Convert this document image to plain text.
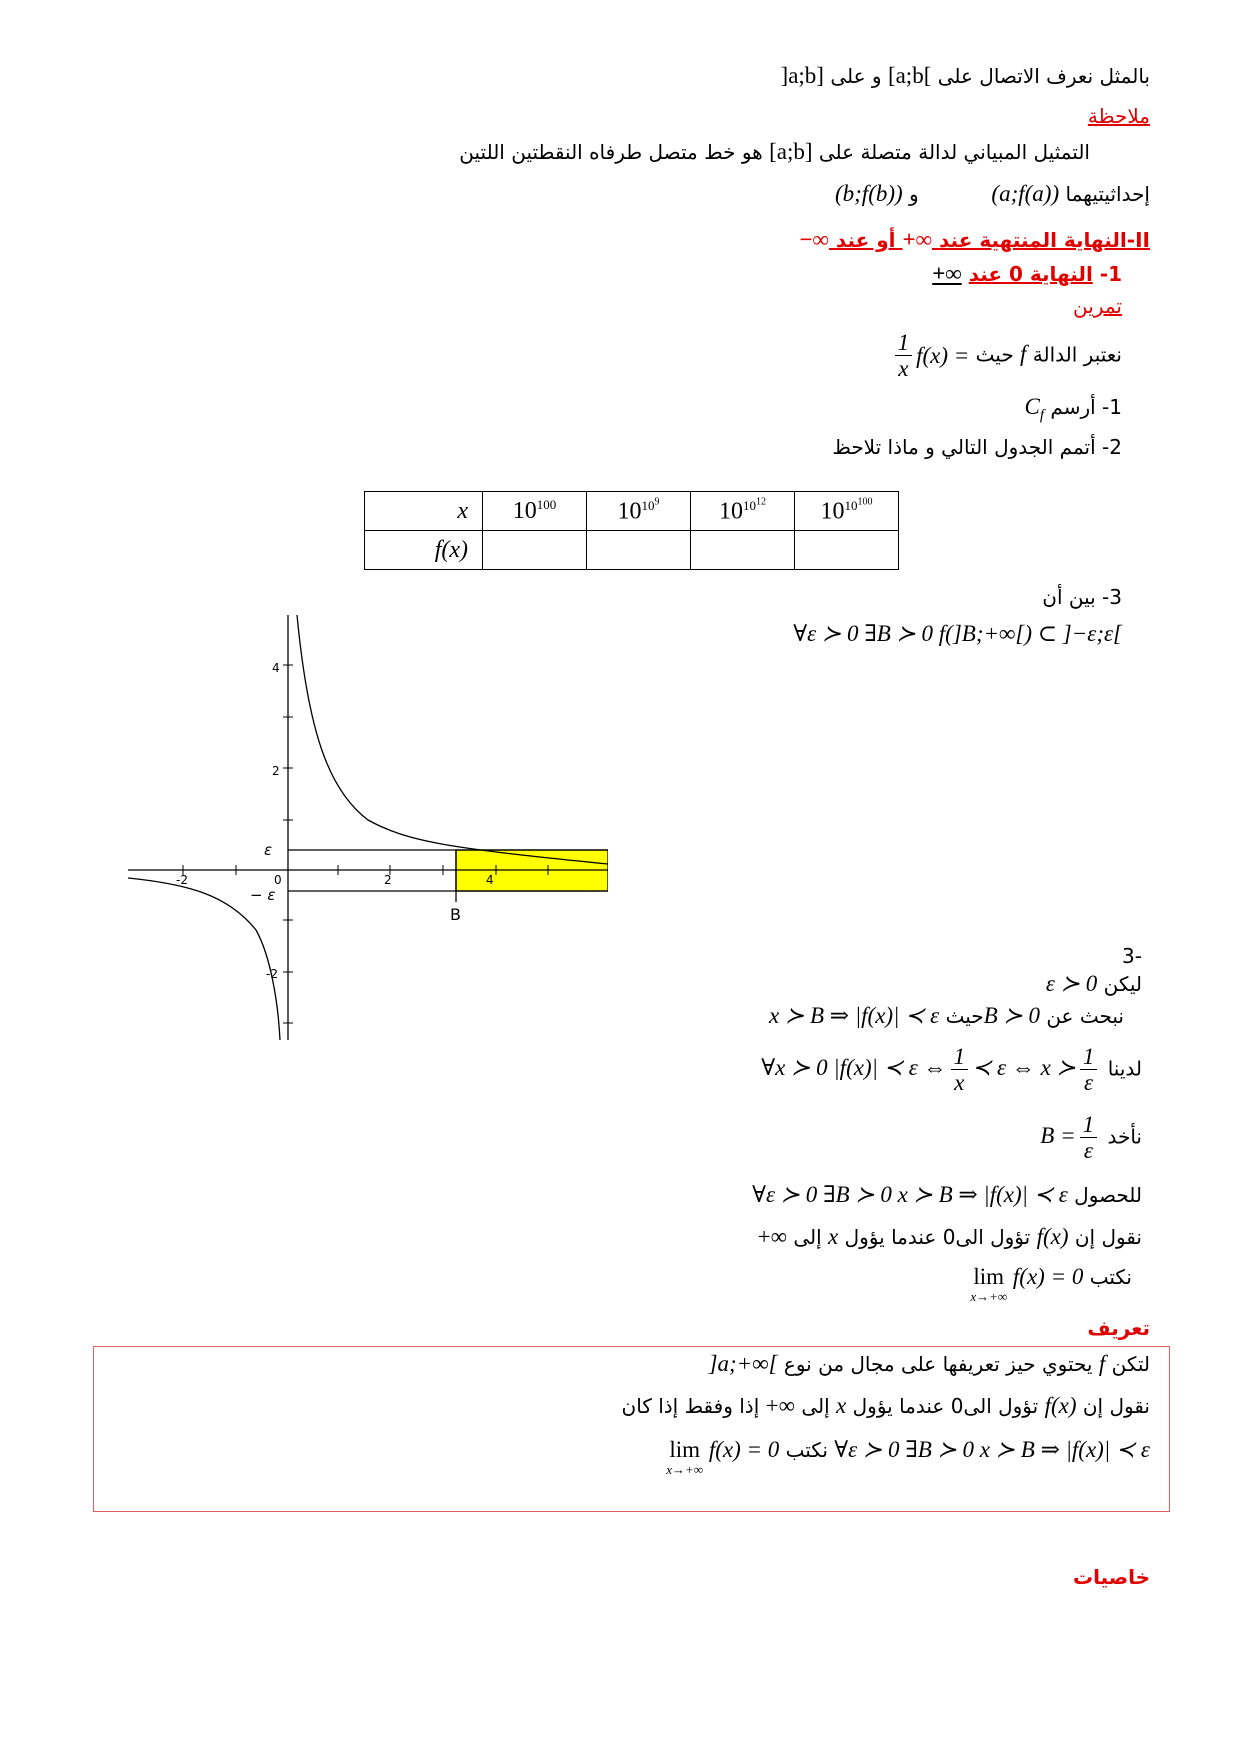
بالمثل نعرف الاتصال على [a;b[ و على ]a;b]
ملاحظة
التمثيل المبياني لدالة متصلة على [a;b] هو خط متصل طرفاه النقطتين اللتين
إحداثيتيهما (a;f(a))  و (b;f(b))
II-النهاية المنتهية عند +∞ أو عند −∞
1- النهاية 0 عند +∞
تمرين
نعتبر الدالة f حيث f(x) =
$\frac{1}{x}$
1- أرسم $C_f$
2- أتمم الجدول التالي و ماذا تلاحظ
x	$10^{100}$	$10^{10^9}$	$10^{10^{12}}$	$10^{10^{100}}$
f(x)				
3- بين أن
∀ε ≻ 0 ∃B ≻ 0 f(]B;+∞[) ⊂ ]−ε;ε[
-2	0	2	4
4
2
-2
ε
− ε
B
-3
ليكن ε ≻ 0
نبحث عن B ≻ 0حيث x ≻ B ⇒ |f(x)| ≺ ε
لدينا ∀x ≻ 0 |f(x)| ≺ ε ⇔ $\frac{1}{x}$ ≺ ε ⇔ x ≻ $\frac{1}{\varepsilon}$
نأخد $B = \frac{1}{\varepsilon}$
للحصول ∀ε ≻ 0 ∃B ≻ 0 x ≻ B ⇒ |f(x)| ≺ ε
نقول إن f(x) تؤول الى0 عندما يؤول x إلى +∞
نكتب
lim
x→+∞
f(x) = 0
تعريف
لتكن f يحتوي حيز تعريفها على مجال من نوع ]a;+∞[
نقول إن f(x) تؤول الى0 عندما يؤول x إلى +∞ إذا وفقط إذا كان
∀ε ≻ 0 ∃B ≻ 0 x ≻ B ⇒ |f(x)| ≺ ε نكتب
lim
x→+∞
f(x) = 0
خاصيات
